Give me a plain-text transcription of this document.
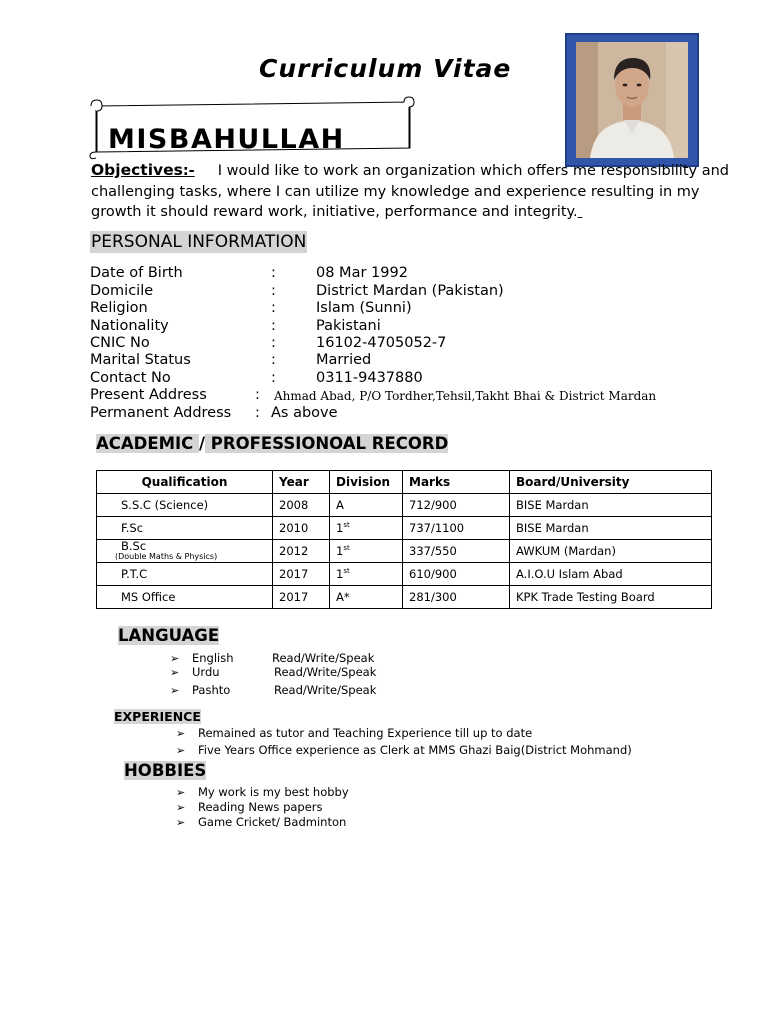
Curriculum Vitae
MISBAHULLAH
Objectives:- I would like to work an organization which offers me responsibility and challenging tasks, where I can utilize my knowledge and experience resulting in my growth it should reward work, initiative, performance and integrity.
PERSONAL INFORMATION
Date of Birth	:	08 Mar 1992
Domicile	:	District Mardan (Pakistan)
Religion	:	Islam (Sunni)
Nationality	:	Pakistani
CNIC No	:	16102-4705052-7
Marital Status	:	Married
Contact No	:	0311-9437880
Present Address	: Ahmad Abad, P/O Tordher,Tehsil,Takht Bhai & District Mardan
Permanent Address : As above
ACADEMIC / PROFESSIONOAL RECORD
Qualification	Year	Division	Marks	Board/University
S.S.C (Science)	2008	A	712/900	BISE Mardan
F.Sc	2010	1st	737/1100	BISE Mardan

B.Sc
(Double Maths & Physics)	2012	1st	337/550	AWKUM (Mardan)
P.T.C	2017	1st	610/900	A.I.O.U Islam Abad
MS Office	2017	A*	281/300	KPK Trade Testing Board
LANGUAGE
➢ English	Read/Write/Speak
➢ Urdu	Read/Write/Speak
➢ Pashto	Read/Write/Speak
EXPERIENCE
➢ Remained as tutor and Teaching Experience till up to date
➢ Five Years Office experience as Clerk at MMS Ghazi Baig(District Mohmand)
HOBBIES
➢ My work is my best hobby
➢ Reading News papers
➢ Game Cricket/ Badminton
